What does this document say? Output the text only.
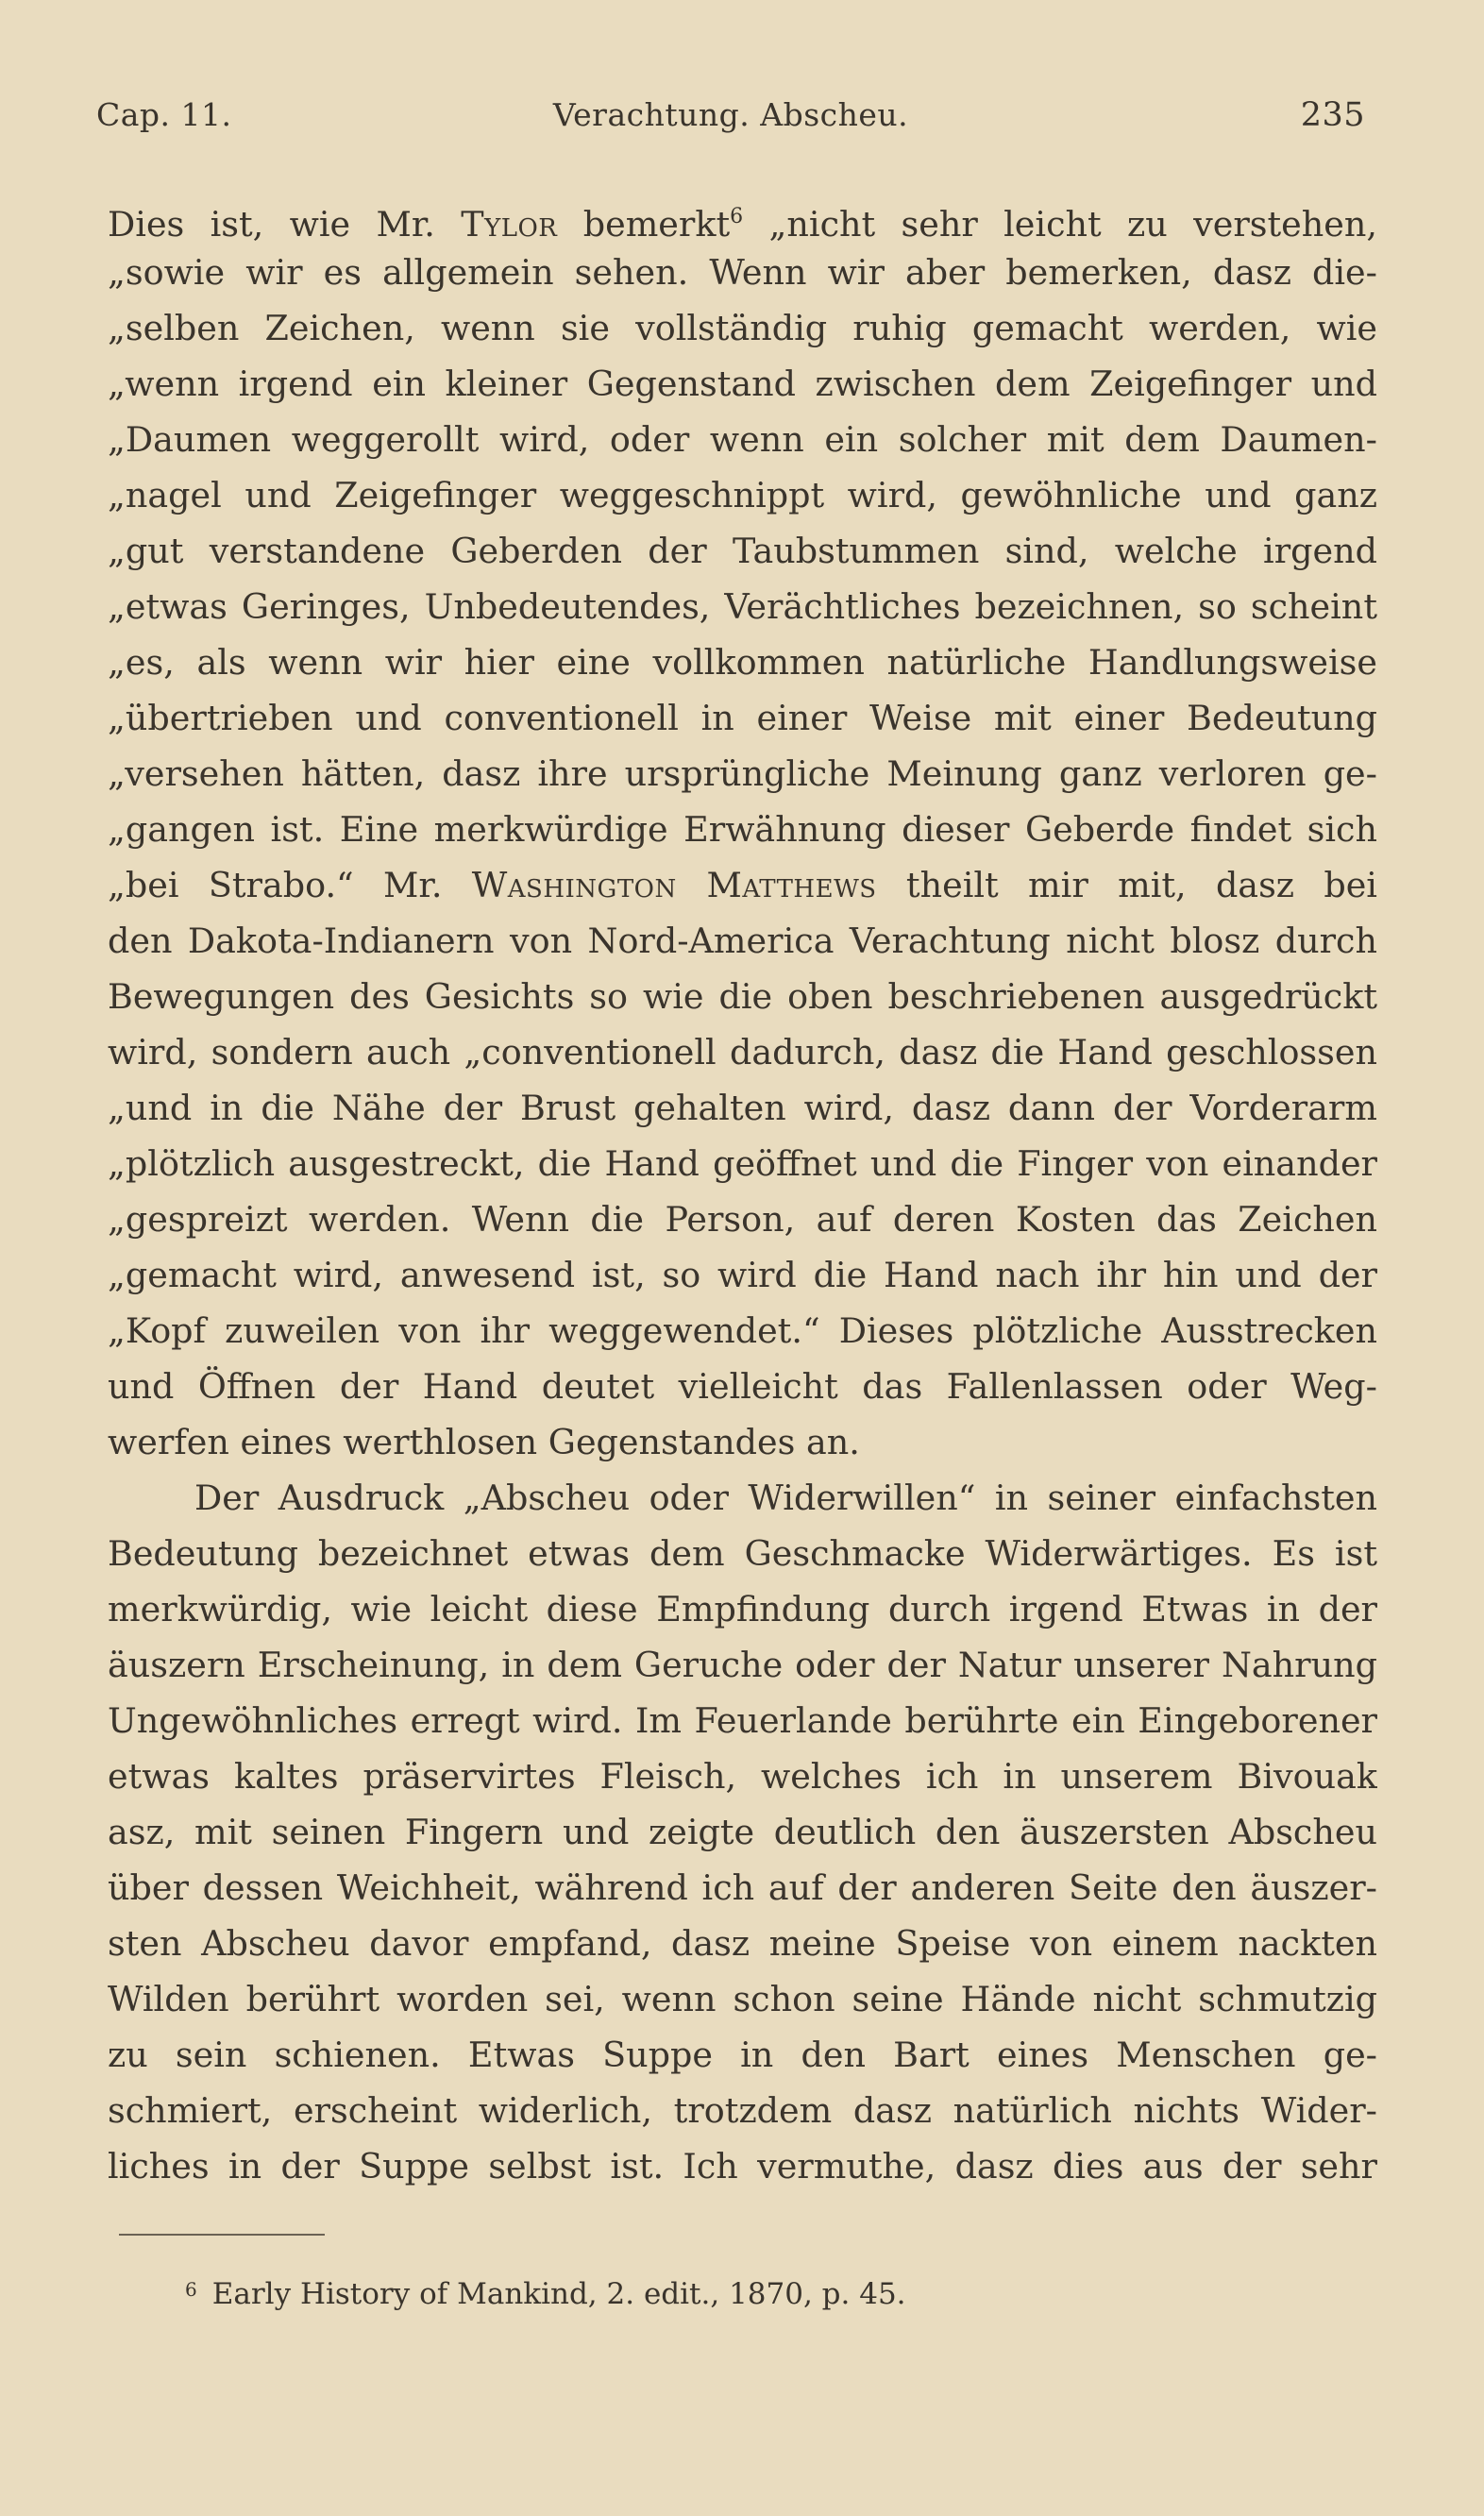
Cap. 11.	Verachtung. Abscheu.	235
Dies ist, wie Mr. Tylor bemerkt$^6$ „nicht sehr leicht zu verstehen,
„sowie wir es allgemein sehen. Wenn wir aber bemerken, dasz die-
„selben Zeichen, wenn sie vollständig ruhig gemacht werden, wie
„wenn irgend ein kleiner Gegenstand zwischen dem Zeigefinger und
„Daumen weggerollt wird, oder wenn ein solcher mit dem Daumen-
„nagel und Zeigefinger weggeschnippt wird, gewöhnliche und ganz
„gut verstandene Geberden der Taubstummen sind, welche irgend
„etwas Geringes, Unbedeutendes, Verächtliches bezeichnen, so scheint
„es, als wenn wir hier eine vollkommen natürliche Handlungsweise
„übertrieben und conventionell in einer Weise mit einer Bedeutung
„versehen hätten, dasz ihre ursprüngliche Meinung ganz verloren ge-
„gangen ist. Eine merkwürdige Erwähnung dieser Geberde findet sich
„bei Strabo.“ Mr. Washington Matthews theilt mir mit, dasz bei
den Dakota-Indianern von Nord-America Verachtung nicht blosz durch
Bewegungen des Gesichts so wie die oben beschriebenen ausgedrückt
wird, sondern auch „conventionell dadurch, dasz die Hand geschlossen
„und in die Nähe der Brust gehalten wird, dasz dann der Vorderarm
„plötzlich ausgestreckt, die Hand geöffnet und die Finger von einander
„gespreizt werden. Wenn die Person, auf deren Kosten das Zeichen
„gemacht wird, anwesend ist, so wird die Hand nach ihr hin und der
„Kopf zuweilen von ihr weggewendet.“ Dieses plötzliche Ausstrecken
und Öffnen der Hand deutet vielleicht das Fallenlassen oder Weg-
werfen eines werthlosen Gegenstandes an.
Der Ausdruck „Abscheu oder Widerwillen“ in seiner einfachsten
Bedeutung bezeichnet etwas dem Geschmacke Widerwärtiges. Es ist
merkwürdig, wie leicht diese Empfindung durch irgend Etwas in der
äuszern Erscheinung, in dem Geruche oder der Natur unserer Nahrung
Ungewöhnliches erregt wird. Im Feuerlande berührte ein Eingeborener
etwas kaltes präservirtes Fleisch, welches ich in unserem Bivouak
asz, mit seinen Fingern und zeigte deutlich den äuszersten Abscheu
über dessen Weichheit, während ich auf der anderen Seite den äuszer-
sten Abscheu davor empfand, dasz meine Speise von einem nackten
Wilden berührt worden sei, wenn schon seine Hände nicht schmutzig
zu sein schienen. Etwas Suppe in den Bart eines Menschen ge-
schmiert, erscheint widerlich, trotzdem dasz natürlich nichts Wider-
liches in der Suppe selbst ist. Ich vermuthe, dasz dies aus der sehr
$^6$ Early History of Mankind, 2. edit., 1870, p. 45.
